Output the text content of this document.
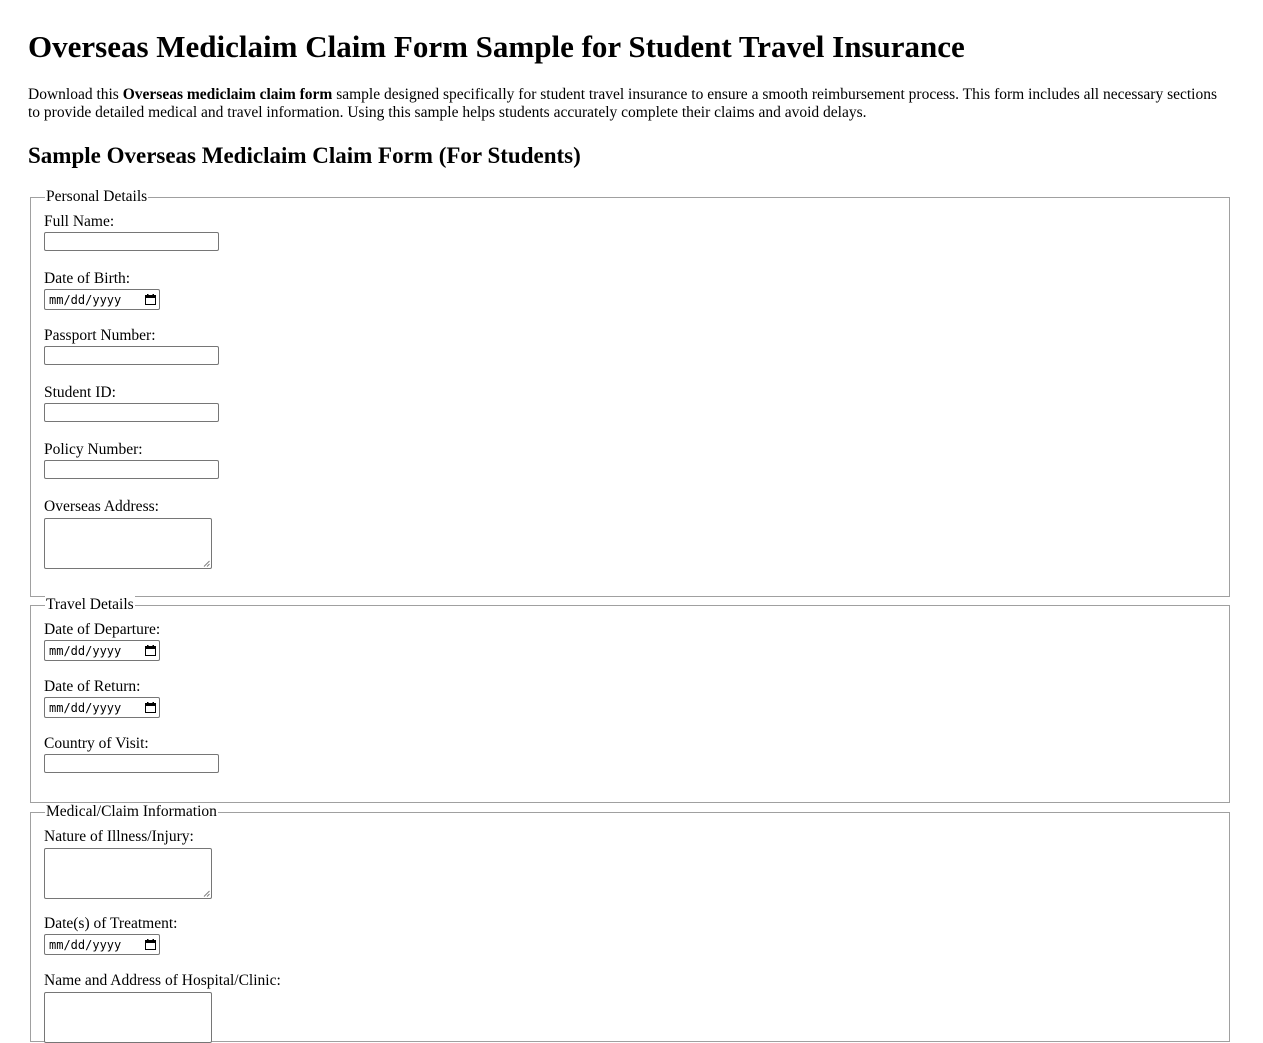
Overseas Mediclaim Claim Form Sample for Student Travel Insurance

Download this Overseas mediclaim claim form sample designed specifically for student travel insurance to ensure a smooth reimbursement process. This form includes all necessary sections to provide detailed medical and travel information. Using this sample helps students accurately complete their claims and avoid delays.

Sample Overseas Mediclaim Claim Form (For Students)
Personal Details
Full Name:
Date of Birth:
mm/dd/yyyy
Passport Number:
Student ID:
Policy Number:
Overseas Address:
Travel Details
Date of Departure:
mm/dd/yyyy
Date of Return:
mm/dd/yyyy
Country of Visit:
Medical/Claim Information
Nature of Illness/Injury:
Date(s) of Treatment:
mm/dd/yyyy
Name and Address of Hospital/Clinic:
